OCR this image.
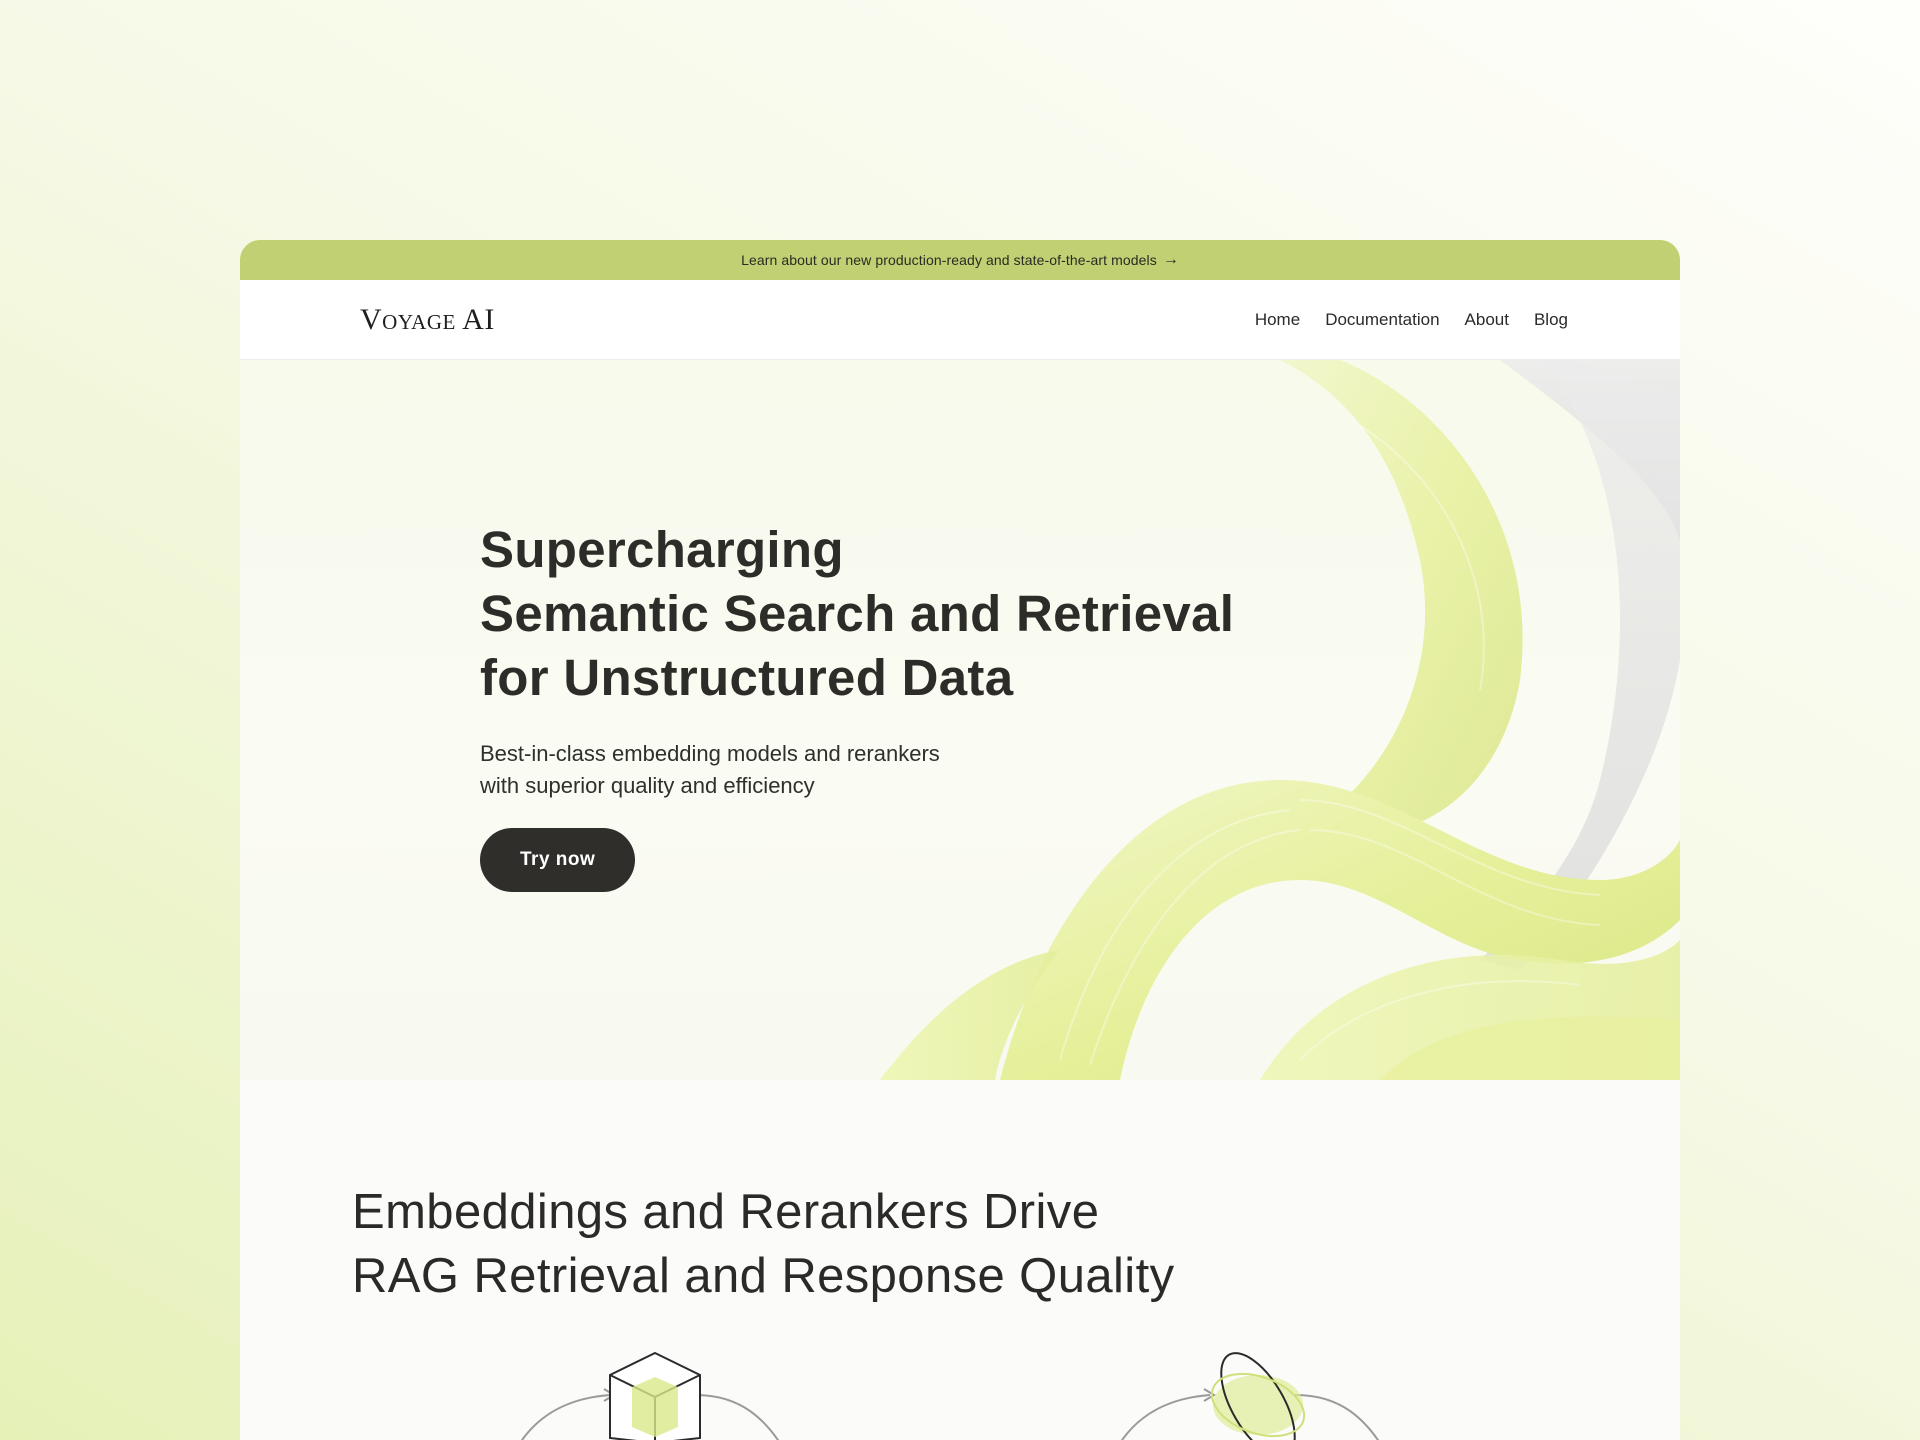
Learn about our new production-ready and state-of-the-art models →
Voyage AI	Home Documentation About Blog
Supercharging
Semantic Search and Retrieval
for Unstructured Data
Best-in-class embedding models and rerankers
with superior quality and efficiency
Try now
Embeddings and Rerankers Drive
RAG Retrieval and Response Quality
